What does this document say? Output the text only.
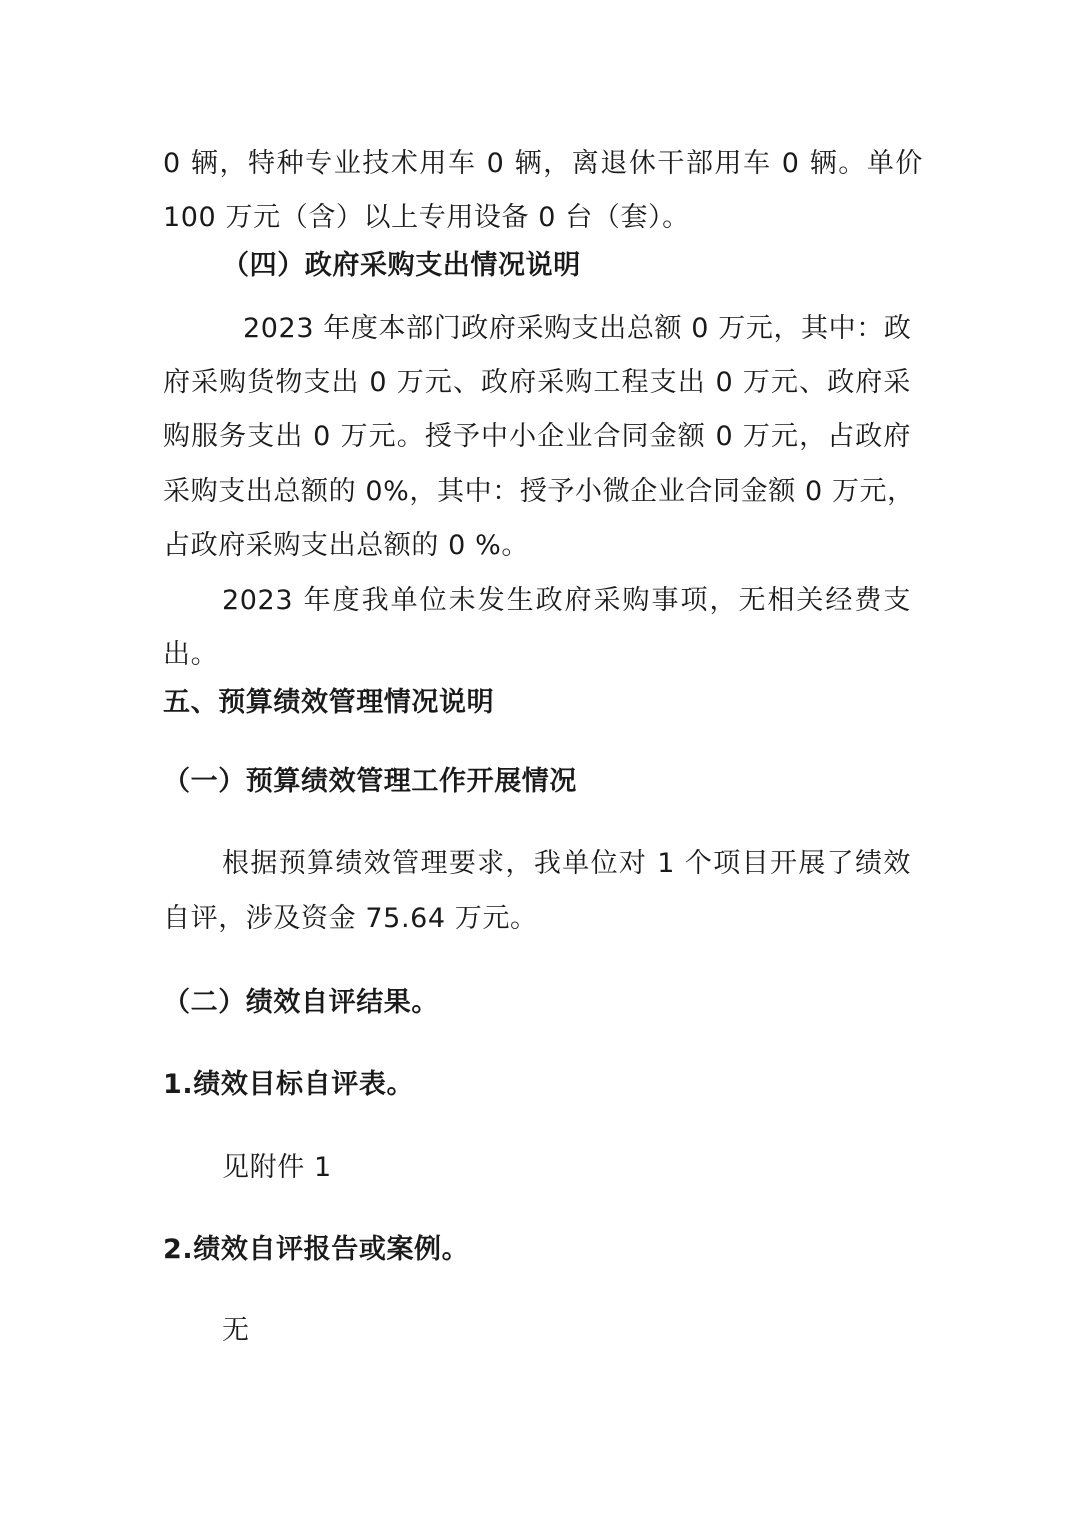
0 辆，特种专业技术用车 0 辆，离退休干部用车 0 辆。单价
100 万元（含）以上专用设备 0 台（套）。
（四）政府采购支出情况说明
2023 年度本部门政府采购支出总额 0 万元，其中：政
府采购货物支出 0 万元、政府采购工程支出 0 万元、政府采
购服务支出 0 万元。授予中小企业合同金额 0 万元，占政府
采购支出总额的 0%，其中：授予小微企业合同金额 0 万元，
占政府采购支出总额的 0 %。
2023 年度我单位未发生政府采购事项，无相关经费支
出。
五、预算绩效管理情况说明
（一）预算绩效管理工作开展情况
根据预算绩效管理要求，我单位对 1 个项目开展了绩效
自评，涉及资金 75.64 万元。
（二）绩效自评结果。
1.绩效目标自评表。
见附件 1
2.绩效自评报告或案例。
无
